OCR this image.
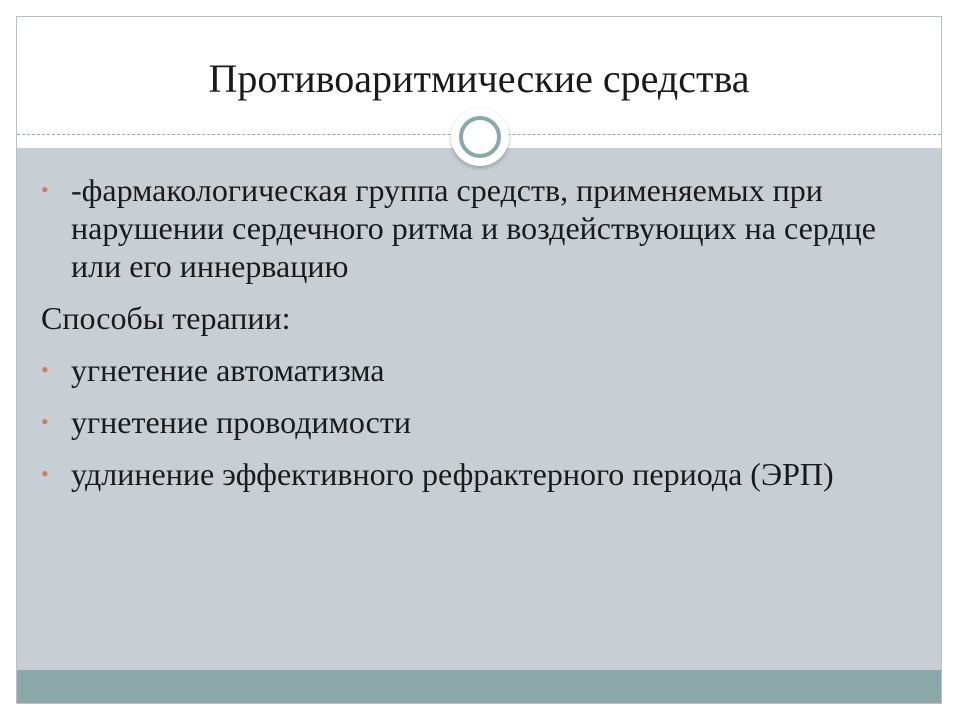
Противоаритмические средства
• -фармакологическая группа средств, применяемых при нарушении сердечного ритма и воздействующих на сердце или его иннервацию
Способы терапии:
• угнетение автоматизма
• угнетение проводимости
• удлинение эффективного рефрактерного периода (ЭРП)
